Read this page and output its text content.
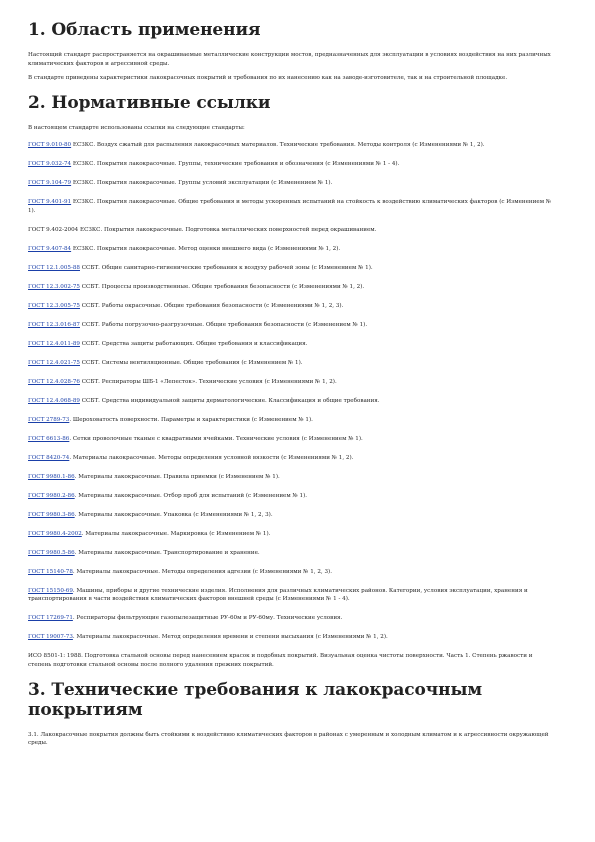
1. Область применения

Настоящий стандарт распространяется на окрашиваемые металлические конструкции мостов, предназначенных для эксплуатации в условиях воздействия на них различных климатических факторов и агрессивной среды.

В стандарте приведены характеристики лакокрасочных покрытий и требования по их нанесению как на заводе-изготовителе, так и на строительной площадке.

2. Нормативные ссылки

В настоящем стандарте использованы ссылки на следующие стандарты:

ГОСТ 9.010-80 ЕСЗКС. Воздух сжатый для распыления лакокрасочных материалов. Технические требования. Методы контроля (с Изменениями № 1, 2).

ГОСТ 9.032-74 ЕСЗКС. Покрытия лакокрасочные. Группы, технические требования и обозначения (с Изменениями № 1 - 4).

ГОСТ 9.104-79 ЕСЗКС. Покрытия лакокрасочные. Группы условий эксплуатации (с Изменением № 1).

ГОСТ 9.401-91 ЕСЗКС. Покрытия лакокрасочные. Общие требования и методы ускоренных испытаний на стойкость к воздействию климатических факторов (с Изменением № 1).

ГОСТ 9.402-2004 ЕСЗКС. Покрытия лакокрасочные. Подготовка металлических поверхностей перед окрашиванием.

ГОСТ 9.407-84 ЕСЗКС. Покрытия лакокрасочные. Метод оценки внешнего вида (с Изменениями № 1, 2).

ГОСТ 12.1.005-88 ССБТ. Общие санитарно-гигиенические требования к воздуху рабочей зоны (с Изменением № 1).

ГОСТ 12.3.002-75 ССБТ. Процессы производственные. Общие требования безопасности (с Изменениями № 1, 2).

ГОСТ 12.3.005-75 ССБТ. Работы окрасочные. Общие требования безопасности (с Изменениями № 1, 2, 3).

ГОСТ 12.3.016-87 ССБТ. Работы погрузочно-разгрузочные. Общие требования безопасности (с Изменением № 1).

ГОСТ 12.4.011-89 ССБТ. Средства защиты работающих. Общие требования и классификация.

ГОСТ 12.4.021-75 ССБТ. Системы вентиляционные. Общие требования (с Изменением № 1).

ГОСТ 12.4.028-76 ССБТ. Респираторы ШБ-1 «Лепесток». Технические условия (с Изменениями № 1, 2).

ГОСТ 12.4.068-89 ССБТ. Средства индивидуальной защиты дерматологические. Классификация и общие требования.

ГОСТ 2789-73. Шероховатость поверхности. Параметры и характеристики (с Изменением № 1).

ГОСТ 6613-86. Сетки проволочные тканые с квадратными ячейками. Технические условия (с Изменением № 1).

ГОСТ 8420-74. Материалы лакокрасочные. Методы определения условной вязкости (с Изменениями № 1, 2).

ГОСТ 9980.1-86. Материалы лакокрасочные. Правила приемки (с Изменением № 1).

ГОСТ 9980.2-86. Материалы лакокрасочные. Отбор проб для испытаний (с Изменением № 1).

ГОСТ 9980.3-86. Материалы лакокрасочные. Упаковка (с Изменениями № 1, 2, 3).

ГОСТ 9980.4-2002. Материалы лакокрасочные. Маркировка (с Изменением № 1).

ГОСТ 9980.5-86. Материалы лакокрасочные. Транспортирование и хранение.

ГОСТ 15140-78. Материалы лакокрасочные. Методы определения адгезии (с Изменениями № 1, 2, 3).

ГОСТ 15150-69. Машины, приборы и другие технические изделия. Исполнения для различных климатических районов. Категории, условия эксплуатации, хранения и транспортирования в части воздействия климатических факторов внешней среды (с Изменениями № 1 - 4).

ГОСТ 17269-71. Респираторы фильтрующие газопылезащитные РУ-60м и РУ-60му. Технические условия.

ГОСТ 19007-73. Материалы лакокрасочные. Метод определения времени и степени высыхания (с Изменениями № 1, 2).

ИСО 8501-1: 1988. Подготовка стальной основы перед нанесением красок и подобных покрытий. Визуальная оценка чистоты поверхности. Часть 1. Степень ржавости и степень подготовки стальной основы после полного удаления прежних покрытий.

3. Технические требования к лакокрасочным покрытиям

3.1. Лакокрасочные покрытия должны быть стойкими к воздействию климатических факторов в районах с умеренным и холодным климатом и к агрессивности окружающей среды.
